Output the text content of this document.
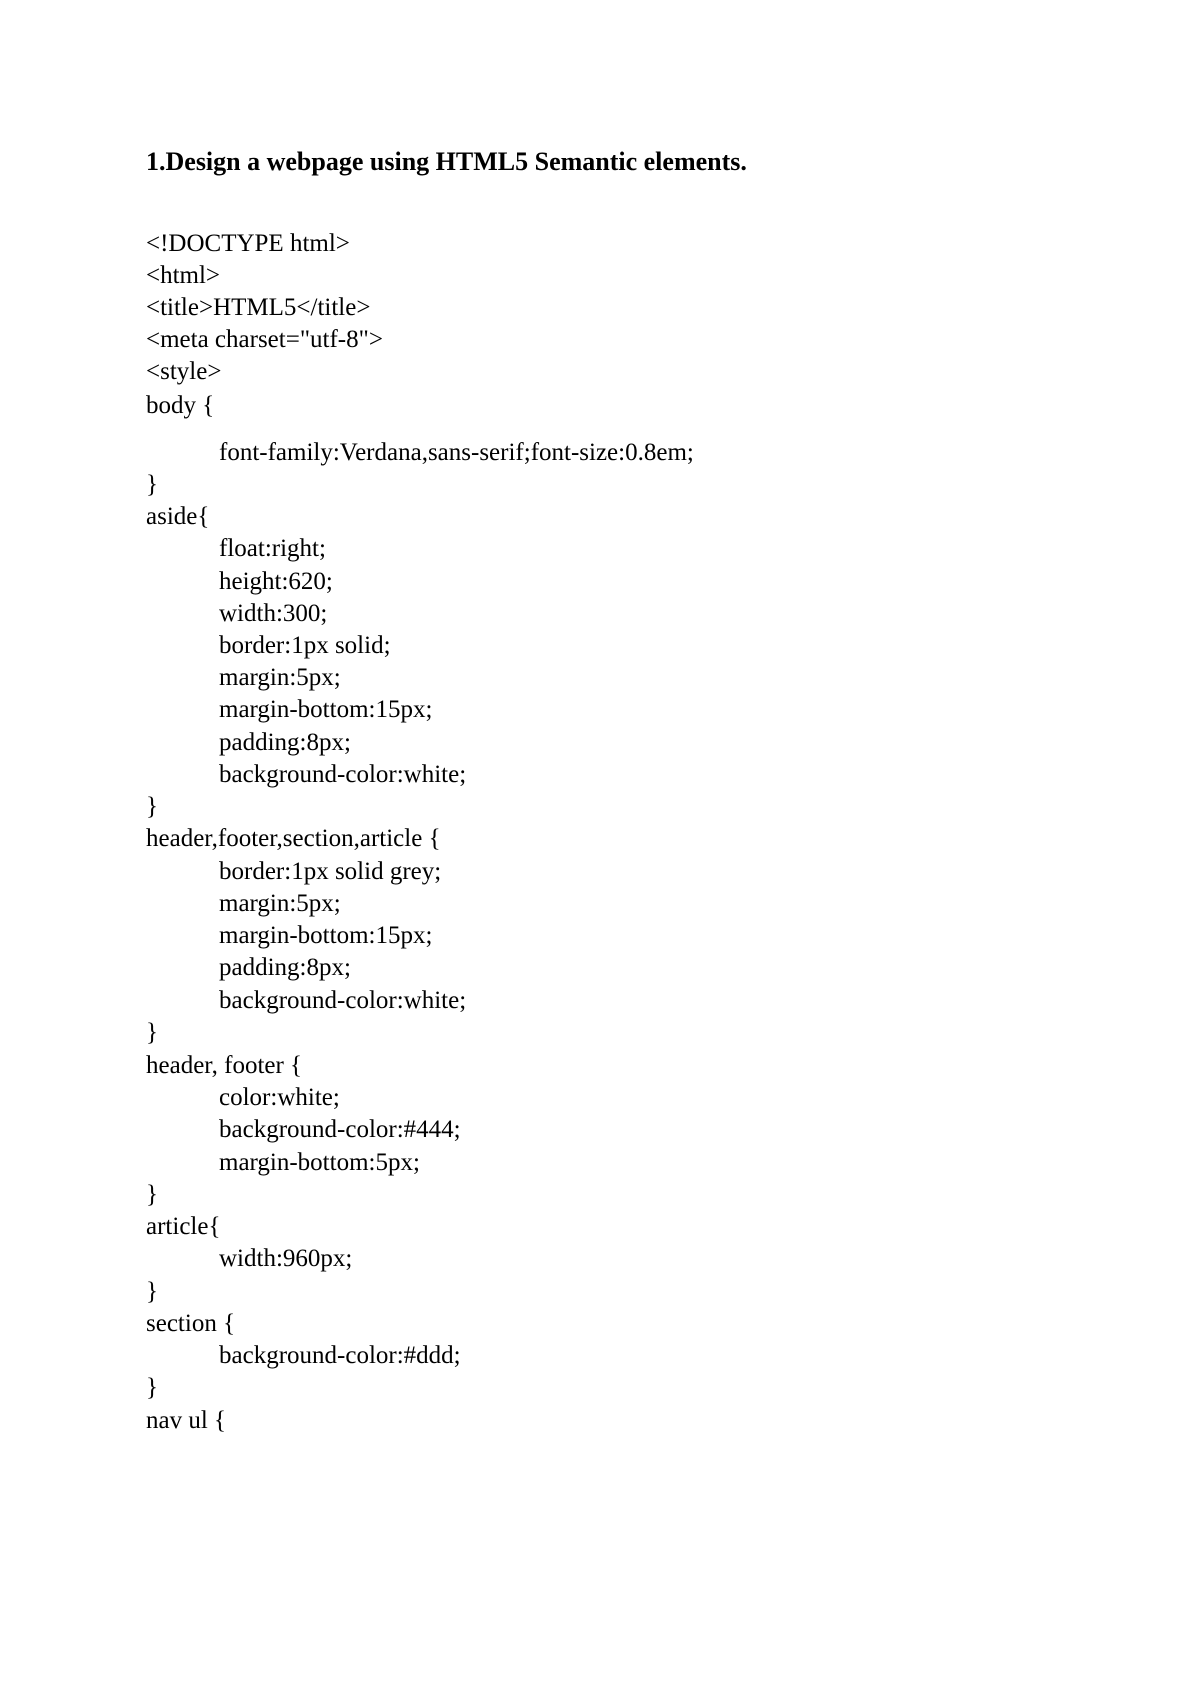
1.Design a webpage using HTML5 Semantic elements.
<!DOCTYPE html>
<html>
<title>HTML5</title>
<meta charset="utf-8">
<style>
body {
font-family:Verdana,sans-serif;font-size:0.8em;
}
aside{
float:right;
height:620;
width:300;
border:1px solid;
margin:5px;
margin-bottom:15px;
padding:8px;
background-color:white;
}
header,footer,section,article {
border:1px solid grey;
margin:5px;
margin-bottom:15px;
padding:8px;
background-color:white;
}
header, footer {
color:white;
background-color:#444;
margin-bottom:5px;
}
article{
width:960px;
}
section {
background-color:#ddd;
}
nav ul {
